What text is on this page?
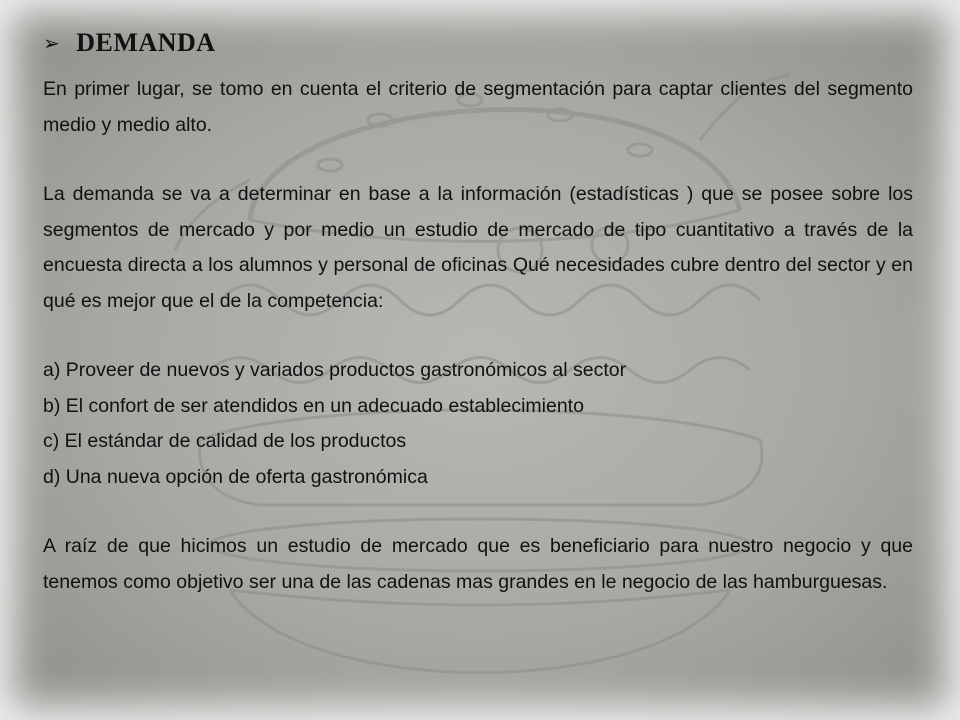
➢ DEMANDA

En primer lugar, se tomo en cuenta el criterio de segmentación para captar clientes del segmento medio y medio alto.

La demanda se va a determinar en base a la información (estadísticas ) que se posee sobre los segmentos de mercado y por medio un estudio de mercado de tipo cuantitativo a través de la encuesta directa a los alumnos y personal de oficinas Qué necesidades cubre dentro del sector y en qué es mejor que el de la competencia:

a) Proveer de nuevos y variados productos gastronómicos al sector

b) El confort de ser atendidos en un adecuado establecimiento

c) El estándar de calidad de los productos

d) Una nueva opción de oferta gastronómica

A raíz de que hicimos un estudio de mercado que es beneficiario para nuestro negocio y que tenemos como objetivo ser una de las cadenas mas grandes en le negocio de las hamburguesas.
